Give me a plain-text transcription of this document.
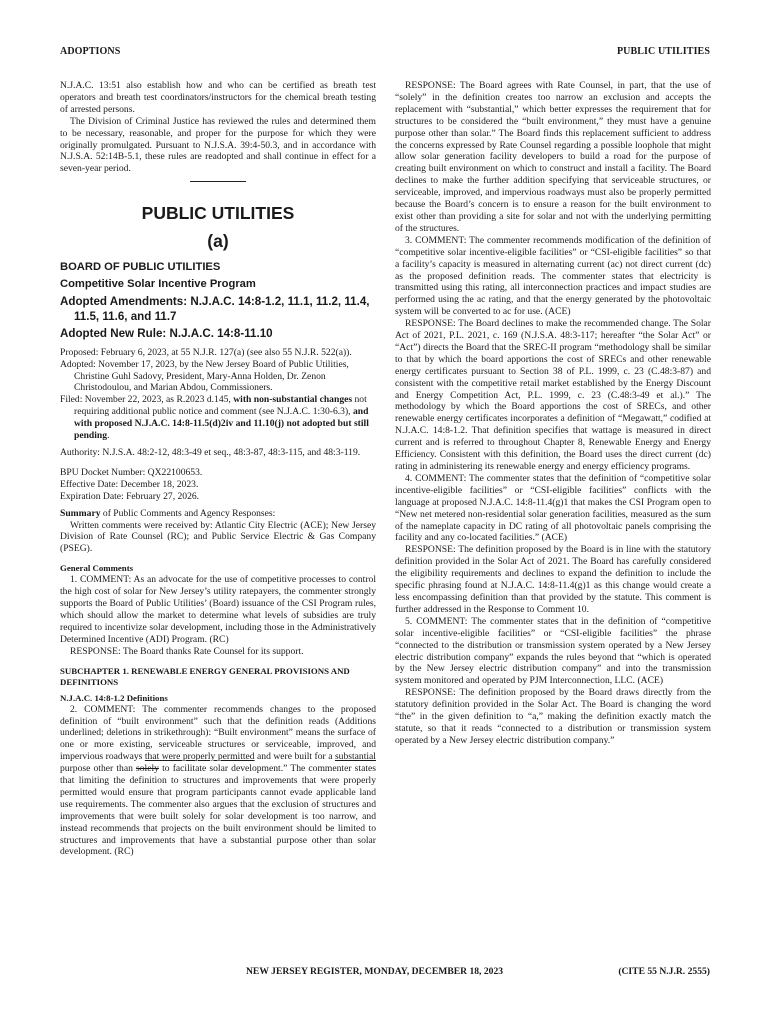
ADOPTIONS	PUBLIC UTILITIES

N.J.A.C. 13:51 also establish how and who can be certified as breath test operators and breath test coordinators/instructors for the chemical breath testing of arrested persons.

The Division of Criminal Justice has reviewed the rules and determined them to be necessary, reasonable, and proper for the purpose for which they were originally promulgated. Pursuant to N.J.S.A. 39:4-50.3, and in accordance with N.J.S.A. 52:14B-5.1, these rules are readopted and shall continue in effect for a seven-year period.

PUBLIC UTILITIES

(a)

BOARD OF PUBLIC UTILITIES

Competitive Solar Incentive Program

Adopted Amendments: N.J.A.C. 14:8-1.2, 11.1, 11.2, 11.4, 11.5, 11.6, and 11.7

Adopted New Rule: N.J.A.C. 14:8-11.10

Proposed: February 6, 2023, at 55 N.J.R. 127(a) (see also 55 N.J.R. 522(a)).

Adopted: November 17, 2023, by the New Jersey Board of Public Utilities, Christine Guhl Sadovy, President, Mary-Anna Holden, Dr. Zenon Christodoulou, and Marian Abdou, Commissioners.

Filed: November 22, 2023, as R.2023 d.145, with non-substantial changes not requiring additional public notice and comment (see N.J.A.C. 1:30-6.3), and with proposed N.J.A.C. 14:8-11.5(d)2iv and 11.10(j) not adopted but still pending.

Authority: N.J.S.A. 48:2-12, 48:3-49 et seq., 48:3-87, 48:3-115, and 48:3-119.

BPU Docket Number: QX22100653.

Effective Date: December 18, 2023.

Expiration Date: February 27, 2026.

Summary of Public Comments and Agency Responses:

Written comments were received by: Atlantic City Electric (ACE); New Jersey Division of Rate Counsel (RC); and Public Service Electric & Gas Company (PSEG).

General Comments

1. COMMENT: As an advocate for the use of competitive processes to control the high cost of solar for New Jersey’s utility ratepayers, the commenter strongly supports the Board of Public Utilities’ (Board) issuance of the CSI Program rules, which should allow the market to determine what levels of subsidies are truly required to incentivize solar development, including those in the Administratively Determined Incentive (ADI) Program. (RC)

RESPONSE: The Board thanks Rate Counsel for its support.

SUBCHAPTER 1. RENEWABLE ENERGY GENERAL PROVISIONS AND DEFINITIONS

N.J.A.C. 14:8-1.2 Definitions

2. COMMENT: The commenter recommends changes to the proposed definition of “built environment” such that the definition reads (Additions underlined; deletions in strikethrough): “Built environment” means the surface of one or more existing, serviceable structures or serviceable, improved, and impervious roadways that were properly permitted and were built for a substantial purpose other than solely to facilitate solar development.” The commenter states that limiting the definition to structures and improvements that were properly permitted would ensure that program participants cannot evade applicable land use requirements. The commenter also argues that the exclusion of structures and improvements that were built solely for solar development is too narrow, and instead recommends that projects on the built environment should be limited to structures and improvements that have a substantial purpose other than solar development. (RC)

RESPONSE: The Board agrees with Rate Counsel, in part, that the use of “solely” in the definition creates too narrow an exclusion and accepts the replacement with “substantial,” which better expresses the requirement that for structures to be considered the “built environment,” they must have a genuine purpose other than solar.” The Board finds this replacement sufficient to address the concerns expressed by Rate Counsel regarding a possible loophole that might allow solar generation facility developers to build a road for the purpose of creating built environment on which to construct and install a facility. The Board declines to make the further addition specifying that serviceable structures, or serviceable, improved, and impervious roadways must also be properly permitted because the Board’s concern is to ensure a reason for the built environment to exist other than providing a site for solar and not with the underlying permitting of the structures.

3. COMMENT: The commenter recommends modification of the definition of “competitive solar incentive-eligible facilities” or “CSI-eligible facilities” so that a facility’s capacity is measured in alternating current (ac) not direct current (dc) as the proposed definition reads. The commenter states that electricity is transmitted using this rating, all interconnection practices and impact studies are performed using the ac rating, and that the energy generated by the photovoltaic system will be converted to ac for use. (ACE)

RESPONSE: The Board declines to make the recommended change. The Solar Act of 2021, P.L. 2021, c. 169 (N.J.S.A. 48:3-117; hereafter “the Solar Act” or “Act”) directs the Board that the SREC-II program “methodology shall be similar to that by which the board apportions the cost of SRECs and other renewable energy certificates pursuant to Section 38 of P.L. 1999, c. 23 (C.48:3-87) and consistent with the competitive retail market established by the Energy Discount and Energy Competition Act, P.L. 1999, c. 23 (C.48:3-49 et al.).” The methodology by which the Board apportions the cost of SRECs, and other renewable energy certificates incorporates a definition of “Megawatt,” codified at N.J.A.C. 14:8-1.2. That definition specifies that wattage is measured in direct current and is referred to throughout Chapter 8, Renewable Energy and Energy Efficiency. Consistent with this definition, the Board uses the direct current (dc) rating in administering its renewable energy and energy efficiency programs.

4. COMMENT: The commenter states that the definition of “competitive solar incentive-eligible facilities” or “CSI-eligible facilities” conflicts with the language at proposed N.J.A.C. 14:8-11.4(g)1 that makes the CSI Program open to “New net metered non-residential solar generation facilities, measured as the sum of the nameplate capacity in DC rating of all photovoltaic panels comprising the facility and any co-located facilities.” (ACE)

RESPONSE: The definition proposed by the Board is in line with the statutory definition provided in the Solar Act of 2021. The Board has carefully considered the eligibility requirements and declines to expand the definition to include the specific phrasing found at N.J.A.C. 14:8-11.4(g)1 as this change would create a less encompassing definition than that provided by the statute. This comment is further addressed in the Response to Comment 10.

5. COMMENT: The commenter states that in the definition of “competitive solar incentive-eligible facilities” or “CSI-eligible facilities” the phrase “connected to the distribution or transmission system operated by a New Jersey electric distribution company” expands the rules beyond that “which is operated by the New Jersey electric distribution company” and into the transmission system monitored and operated by PJM Interconnection, LLC. (ACE)

RESPONSE: The definition proposed by the Board draws directly from the statutory definition provided in the Solar Act. The Board is changing the word “the” in the given definition to “a,” making the definition exactly match the statute, so that it reads “connected to a distribution or transmission system operated by a New Jersey electric distribution company.”

NEW JERSEY REGISTER, MONDAY, DECEMBER 18, 2023	(CITE 55 N.J.R. 2555)
